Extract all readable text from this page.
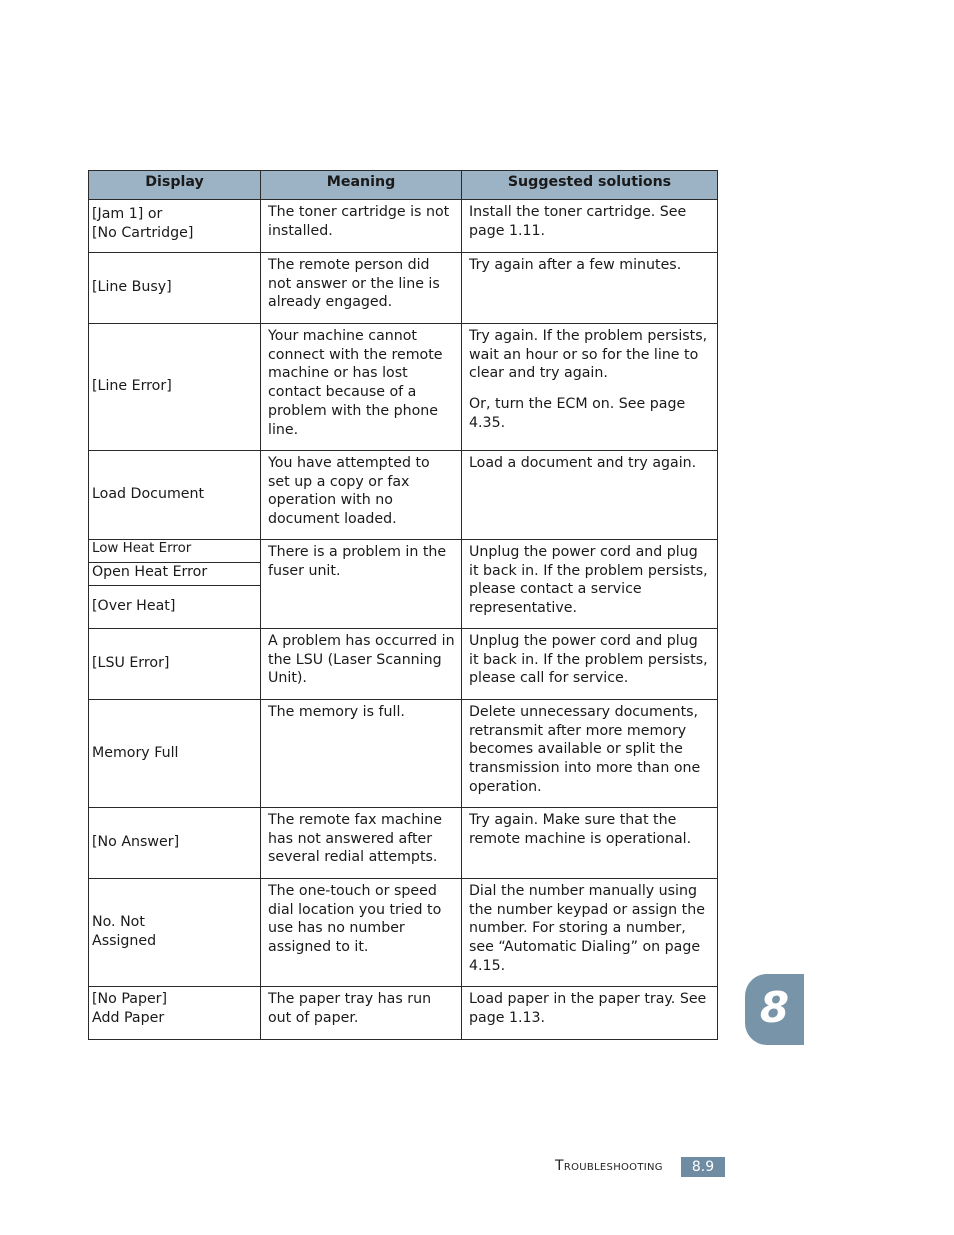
Display	Meaning	Suggested solutions

[Jam 1] or
[No Cartridge]	The toner cartridge is not installed.	Install the toner cartridge. See page 1.11.
[Line Busy]	The remote person did not answer or the line is already engaged.	Try again after a few minutes.
[Line Error]	Your machine cannot connect with the remote machine or has lost contact because of a problem with the phone line.	Try again. If the problem persists, wait an hour or so for the line to clear and try again.
Or, turn the ECM on. See page 4.35.

Load Document	You have attempted to set up a copy or fax operation with no document loaded.	Load a document and try again.
Low Heat Error	There is a problem in the fuser unit.	Unplug the power cord and plug it back in. If the problem persists, please contact a service representative.
Open Heat Error		
[Over Heat]		
[LSU Error]	A problem has occurred in the LSU (Laser Scanning Unit).	Unplug the power cord and plug it back in. If the problem persists, please call for service.
Memory Full	The memory is full.	Delete unnecessary documents, retransmit after more memory becomes available or split the transmission into more than one operation.
[No Answer]	The remote fax machine has not answered after several redial attempts.	Try again. Make sure that the remote machine is operational.

No. Not
Assigned	The one-touch or speed dial location you tried to use has no number assigned to it.	Dial the number manually using the number keypad or assign the number. For storing a number, see “Automatic Dialing” on page 4.15.

[No Paper]
Add Paper	The paper tray has run out of paper.	Load paper in the paper tray. See page 1.13.	8
Troubleshooting	8.9
